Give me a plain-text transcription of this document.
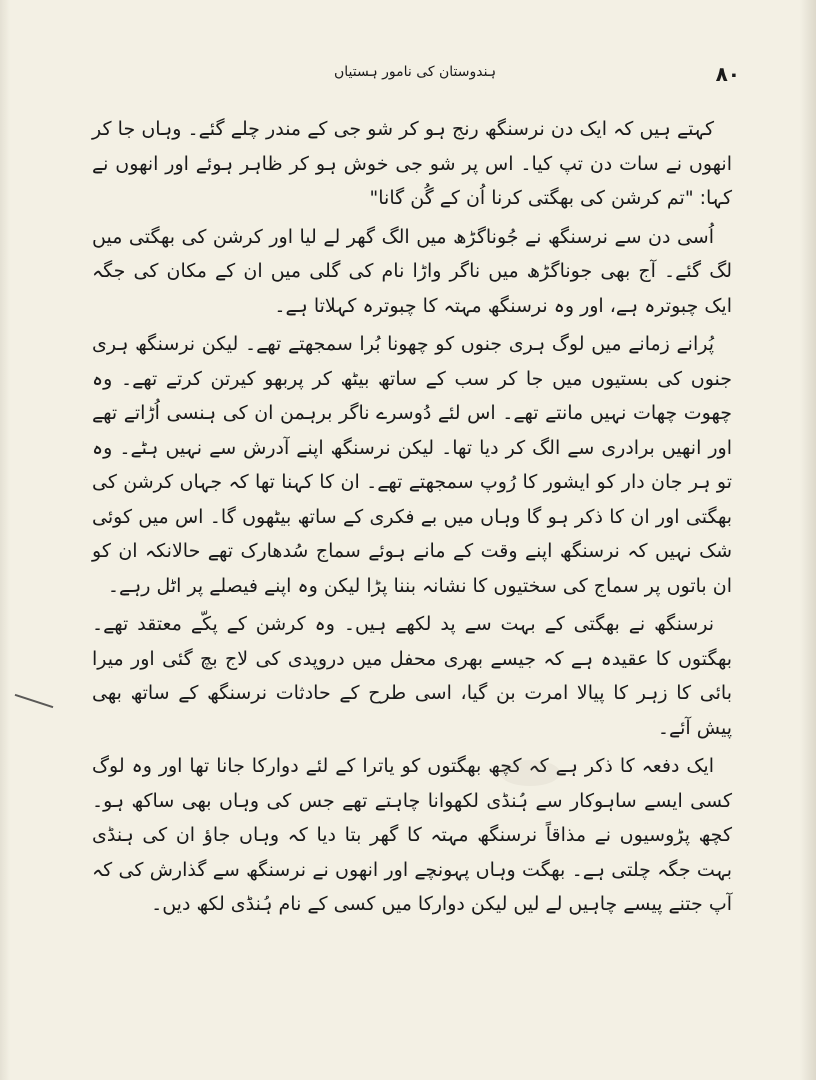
٨٠
ہندوستان کی نامور ہستیاں

کہتے ہیں کہ ایک دن نرسنگھ رنج ہو کر شو جی کے مندر چلے گئے۔ وہاں جا کر انھوں نے سات دن تپ کیا۔ اس پر شو جی خوش ہو کر ظاہر ہوئے اور انھوں نے کہا: "تم کرشن کی بھگتی کرنا اُن کے گُن گانا"

اُسی دن سے نرسنگھ نے جُوناگڑھ میں الگ گھر لے لیا اور کرشن کی بھگتی میں لگ گئے۔ آج بھی جوناگڑھ میں ناگر واڑا نام کی گلی میں ان کے مکان کی جگہ ایک چبوترہ ہے، اور وہ نرسنگھ مہتہ کا چبوترہ کہلاتا ہے۔

پُرانے زمانے میں لوگ ہری جنوں کو چھونا بُرا سمجھتے تھے۔ لیکن نرسنگھ ہری جنوں کی بستیوں میں جا کر سب کے ساتھ بیٹھ کر پربھو کیرتن کرتے تھے۔ وہ چھوت چھات نہیں مانتے تھے۔ اس لئے دُوسرے ناگر برہمن ان کی ہنسی اُڑاتے تھے اور انھیں برادری سے الگ کر دیا تھا۔ لیکن نرسنگھ اپنے آدرش سے نہیں ہٹے۔ وہ تو ہر جان دار کو ایشور کا رُوپ سمجھتے تھے۔ ان کا کہنا تھا کہ جہاں کرشن کی بھگتی اور ان کا ذکر ہو گا وہاں میں بے فکری کے ساتھ بیٹھوں گا۔ اس میں کوئی شک نہیں کہ نرسنگھ اپنے وقت کے مانے ہوئے سماج سُدھارک تھے حالانکہ ان کو ان باتوں پر سماج کی سختیوں کا نشانہ بننا پڑا لیکن وہ اپنے فیصلے پر اٹل رہے۔

نرسنگھ نے بھگتی کے بہت سے پد لکھے ہیں۔ وہ کرشن کے پکّے معتقد تھے۔ بھگتوں کا عقیدہ ہے کہ جیسے بھری محفل میں دروپدی کی لاج بچ گئی اور میرا بائی کا زہر کا پیالا امرت بن گیا، اسی طرح کے حادثات نرسنگھ کے ساتھ بھی پیش آئے۔

ایک دفعہ کا ذکر ہے کہ کچھ بھگتوں کو یاترا کے لئے دوارکا جانا تھا اور وہ لوگ کسی ایسے ساہوکار سے ہُنڈی لکھوانا چاہتے تھے جس کی وہاں بھی ساکھ ہو۔ کچھ پڑوسیوں نے مذاقاً نرسنگھ مہتہ کا گھر بتا دیا کہ وہاں جاؤ ان کی ہنڈی بہت جگہ چلتی ہے۔ بھگت وہاں پہونچے اور انھوں نے نرسنگھ سے گذارش کی کہ آپ جتنے پیسے چاہیں لے لیں لیکن دوارکا میں کسی کے نام ہُنڈی لکھ دیں۔
